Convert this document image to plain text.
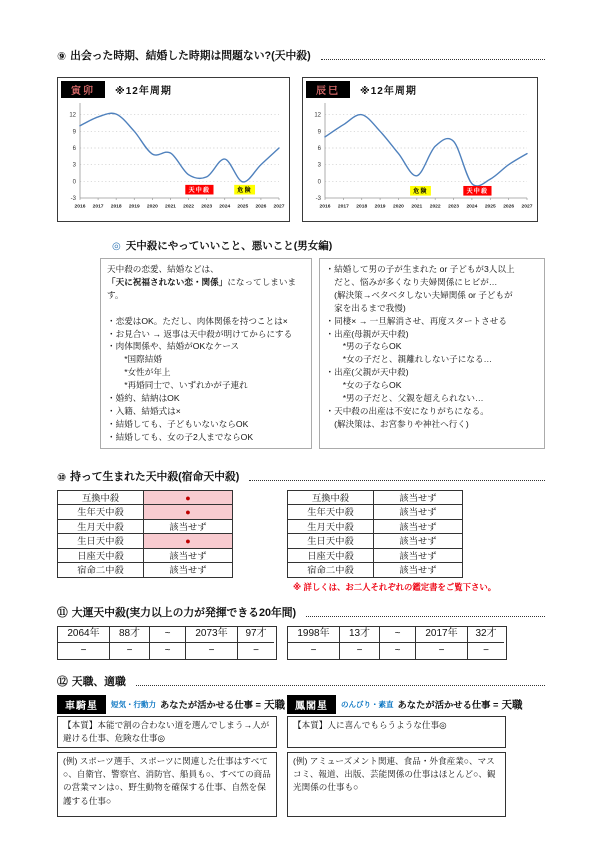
⑨ 出会った時期、結婚した時期は問題ない?(天中殺)
寅卯	※12年周期
12
9
6
3
0
-3
2016 2017 2018 2019 2020 2021 2022 2023 2024 2025 2026 2027
天中殺	危険
辰巳	※12年周期
12
9
6
3
0
-3
2016 2017 2018 2019 2020 2021 2022 2023 2024 2025 2026 2027
危険	天中殺
◎ 天中殺にやっていいこと、悪いこと(男女編)
天中殺の恋愛、結婚などは、
「天に祝福されない恋・関係」になってしまいます。

・恋愛はOK。ただし、肉体関係を持つことは×
・お見合い → 返事は天中殺が明けてからにする
・肉体関係や、結婚がOKなケース
　　*国際結婚
　　*女性が年上
　　*再婚同士で、いずれかが子連れ
・婚約、結納はOK
・入籍、結婚式は×
・結婚しても、子どもいないならOK
・結婚しても、女の子2人までならOK
・結婚して男の子が生まれた or 子どもが3人以上
　だと、悩みが多くなり夫婦関係にヒビが…
　(解決策→ベタベタしない夫婦関係 or 子どもが
　家を出るまで我慢)
・同棲× → 一旦解消させ、再度スタートさせる
・出産(母親が天中殺)
　　*男の子ならOK
　　*女の子だと、親離れしない子になる…
・出産(父親が天中殺)
　　*女の子ならOK
　　*男の子だと、父親を超えられない…
・天中殺の出産は不安になりがちになる。
　(解決策は、お宮参りや神社へ行く)
⑩ 持って生まれた天中殺(宿命天中殺)
互換中殺	●
生年天中殺	●
生月天中殺	該当せず
生日天中殺	●
日座天中殺	該当せず
宿命二中殺	該当せず
互換中殺	該当せず
生年天中殺	該当せず
生月天中殺	該当せず
生日天中殺	該当せず
日座天中殺	該当せず
宿命二中殺	該当せず
※ 詳しくは、お二人それぞれの鑑定書をご覧下さい。
⑪ 大運天中殺(実力以上の力が発揮できる20年間)
2064年	88才	~	2073年	97才
−	−	~	−	−
1998年	13才	~	2017年	32才
−	−	~	−	−
⑫ 天職、適職
車騎星	短気・行動力 あなたが活かせる仕事 = 天職
【本質】本能で割の合わない道を選んでしまう→人が避ける仕事、危険な仕事◎
(例) スポーツ選手、スポーツに関連した仕事はすべて○、自衛官、警察官、消防官、船員も○、すべての商品の営業マンは○、野生動物を確保する仕事、自然を保護する仕事○
鳳閣星	のんびり・素直 あなたが活かせる仕事 = 天職
【本質】人に喜んでもらうような仕事◎
(例) アミューズメント関連、食品・外食産業○、マスコミ、報道、出版、芸能関係の仕事はほとんど○、観光関係の仕事も○
